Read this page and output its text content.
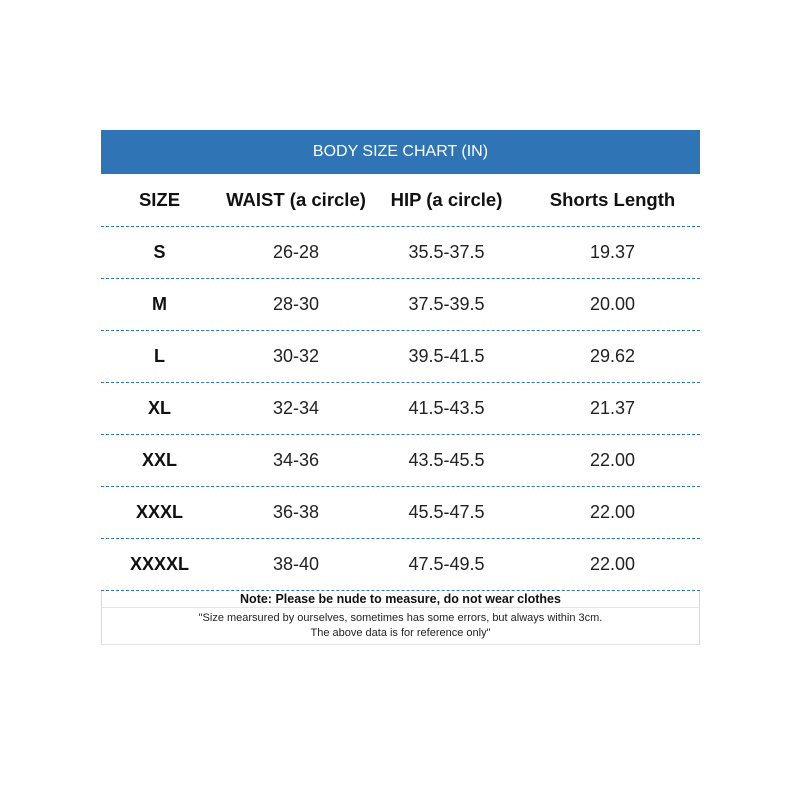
BODY SIZE CHART (IN)
SIZE	WAIST (a circle)	HIP (a circle)	Shorts Length
S	26-28	35.5-37.5	19.37
M	28-30	37.5-39.5	20.00
L	30-32	39.5-41.5	29.62
XL	32-34	41.5-43.5	21.37
XXL	34-36	43.5-45.5	22.00
XXXL	36-38	45.5-47.5	22.00
XXXXL	38-40	47.5-49.5	22.00
Note: Please be nude to measure, do not wear clothes
"Size mearsured by ourselves, sometimes has some errors, but always within 3cm.
The above data is for reference only"
